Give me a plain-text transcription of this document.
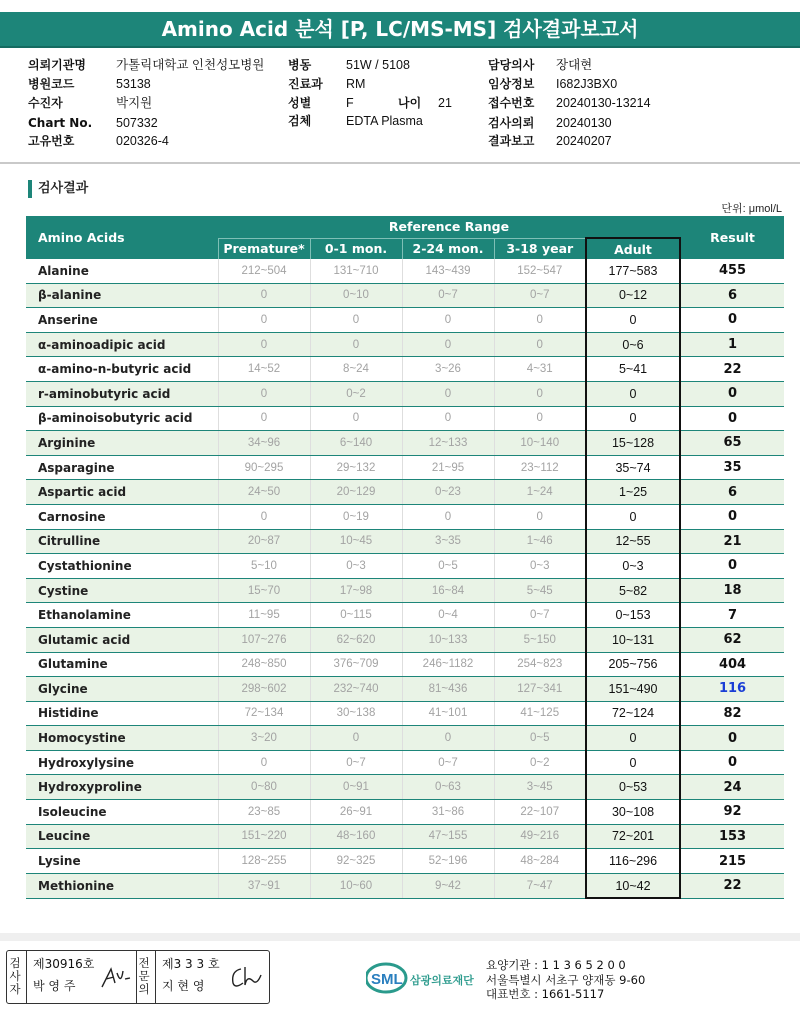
Amino Acid 분석 [P, LC/MS-MS] 검사결과보고서
의뢰기관명 가톨릭대학교 인천성모병원
병원코드	53138
수진자	박지원
Chart No. 507332
고유번호	020326-4
병동	51W / 5108
진료과 RM
성별	F	나이 21
검체	EDTA Plasma
담당의사 장대현
임상정보 I682J3BX0
접수번호 20240130-13214
검사의뢰 20240130
결과보고 20240207
검사결과
단위: μmol/L
Amino Acids	Reference Range					Result
	Premature*	0-1 mon.	2-24 mon.	3-18 year	Adult	
Alanine	212~504	131~710	143~439	152~547	177~583	455
β-alanine	0	0~10	0~7	0~7	0~12	6
Anserine	0	0	0	0	0	0
α-aminoadipic acid	0	0	0	0	0~6	1
α-amino-n-butyric acid	14~52	8~24	3~26	4~31	5~41	22
r-aminobutyric acid	0	0~2	0	0	0	0
β-aminoisobutyric acid	0	0	0	0	0	0
Arginine	34~96	6~140	12~133	10~140	15~128	65
Asparagine	90~295	29~132	21~95	23~112	35~74	35
Aspartic acid	24~50	20~129	0~23	1~24	1~25	6
Carnosine	0	0~19	0	0	0	0
Citrulline	20~87	10~45	3~35	1~46	12~55	21
Cystathionine	5~10	0~3	0~5	0~3	0~3	0
Cystine	15~70	17~98	16~84	5~45	5~82	18
Ethanolamine	11~95	0~115	0~4	0~7	0~153	7
Glutamic acid	107~276	62~620	10~133	5~150	10~131	62
Glutamine	248~850	376~709	246~1182	254~823	205~756	404
Glycine	298~602	232~740	81~436	127~341	151~490	116
Histidine	72~134	30~138	41~101	41~125	72~124	82
Homocystine	3~20	0	0	0~5	0	0
Hydroxylysine	0	0~7	0~7	0~2	0	0
Hydroxyproline	0~80	0~91	0~63	3~45	0~53	24
Isoleucine	23~85	26~91	31~86	22~107	30~108	92
Leucine	151~220	48~160	47~155	49~216	72~201	153
Lysine	128~255	92~325	52~196	48~284	116~296	215
Methionine	37~91	10~60	9~42	7~47	10~42	22
검사자
제30916호
박 영 주
전문의
제3 3 3 호
지 현 영	SML 삼광의료재단
요양기관 : 1 1 3 6 5 2 0 0
서울특별시 서초구 양재동 9-60
대표번호 : 1661-5117
